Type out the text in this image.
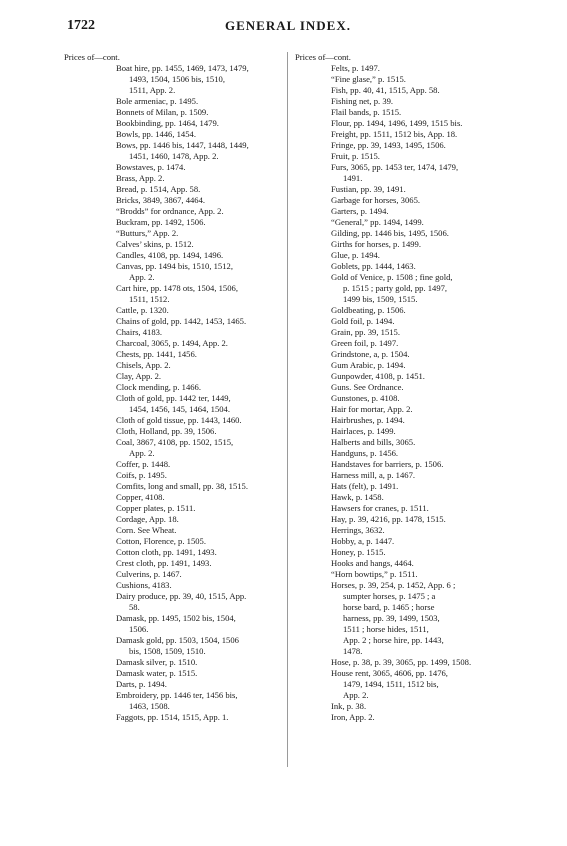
1722	GENERAL INDEX.
Prices of—cont.
Boat hire, pp. 1455, 1469, 1473, 1479,
1493, 1504, 1506 bis, 1510,
1511, App. 2.
Bole armeniac, p. 1495.
Bonnets of Milan, p. 1509.
Bookbinding, pp. 1464, 1479.
Bowls, pp. 1446, 1454.
Bows, pp. 1446 bis, 1447, 1448, 1449,
1451, 1460, 1478, App. 2.
Bowstaves, p. 1474.
Brass, App. 2.
Bread, p. 1514, App. 58.
Bricks, 3849, 3867, 4464.
“Brodds” for ordnance, App. 2.
Buckram, pp. 1492, 1506.
“Butturs,” App. 2.
Calves’ skins, p. 1512.
Candles, 4108, pp. 1494, 1496.
Canvas, pp. 1494 bis, 1510, 1512,
App. 2.
Cart hire, pp. 1478 ots, 1504, 1506,
1511, 1512.
Cattle, p. 1320.
Chains of gold, pp. 1442, 1453, 1465.
Chairs, 4183.
Charcoal, 3065, p. 1494, App. 2.
Chests, pp. 1441, 1456.
Chisels, App. 2.
Clay, App. 2.
Clock mending, p. 1466.
Cloth of gold, pp. 1442 ter, 1449,
1454, 1456, 145, 1464, 1504.
Cloth of gold tissue, pp. 1443, 1460.
Cloth, Holland, pp. 39, 1506.
Coal, 3867, 4108, pp. 1502, 1515,
App. 2.
Coffer, p. 1448.
Coifs, p. 1495.
Comfits, long and small, pp. 38, 1515.
Copper, 4108.
Copper plates, p. 1511.
Cordage, App. 18.
Corn. See Wheat.
Cotton, Florence, p. 1505.
Cotton cloth, pp. 1491, 1493.
Crest cloth, pp. 1491, 1493.
Culverins, p. 1467.
Cushions, 4183.
Dairy produce, pp. 39, 40, 1515, App.
58.
Damask, pp. 1495, 1502 bis, 1504,
1506.
Damask gold, pp. 1503, 1504, 1506
bis, 1508, 1509, 1510.
Damask silver, p. 1510.
Damask water, p. 1515.
Darts, p. 1494.
Embroidery, pp. 1446 ter, 1456 bis,
1463, 1508.
Faggots, pp. 1514, 1515, App. 1.
Prices of—cont.
Felts, p. 1497.
“Fine glase,” p. 1515.
Fish, pp. 40, 41, 1515, App. 58.
Fishing net, p. 39.
Flail bands, p. 1515.
Flour, pp. 1494, 1496, 1499, 1515 bis.
Freight, pp. 1511, 1512 bis, App. 18.
Fringe, pp. 39, 1493, 1495, 1506.
Fruit, p. 1515.
Furs, 3065, pp. 1453 ter, 1474, 1479,
1491.
Fustian, pp. 39, 1491.
Garbage for horses, 3065.
Garters, p. 1494.
“General,” pp. 1494, 1499.
Gilding, pp. 1446 bis, 1495, 1506.
Girths for horses, p. 1499.
Glue, p. 1494.
Goblets, pp. 1444, 1463.
Gold of Venice, p. 1508 ; fine gold,
p. 1515 ; party gold, pp. 1497,
1499 bis, 1509, 1515.
Goldbeating, p. 1506.
Gold foil, p. 1494.
Grain, pp. 39, 1515.
Green foil, p. 1497.
Grindstone, a, p. 1504.
Gum Arabic, p. 1494.
Gunpowder, 4108, p. 1451.
Guns. See Ordnance.
Gunstones, p. 4108.
Hair for mortar, App. 2.
Hairbrushes, p. 1494.
Hairlaces, p. 1499.
Halberts and bills, 3065.
Handguns, p. 1456.
Handstaves for barriers, p. 1506.
Harness mill, a, p. 1467.
Hats (felt), p. 1491.
Hawk, p. 1458.
Hawsers for cranes, p. 1511.
Hay, p. 39, 4216, pp. 1478, 1515.
Herrings, 3632.
Hobby, a, p. 1447.
Honey, p. 1515.
Hooks and hangs, 4464.
“Horn bowtips,” p. 1511.
Horses, p. 39, 254, p. 1452, App. 6 ;
sumpter horses, p. 1475 ; a
horse bard, p. 1465 ; horse
harness, pp. 39, 1499, 1503,
1511 ; horse hides, 1511,
App. 2 ; horse hire, pp. 1443,
1478.
Hose, p. 38, p. 39, 3065, pp. 1499, 1508.
House rent, 3065, 4606, pp. 1476,
1479, 1494, 1511, 1512 bis,
App. 2.
Ink, p. 38.
Iron, App. 2.
